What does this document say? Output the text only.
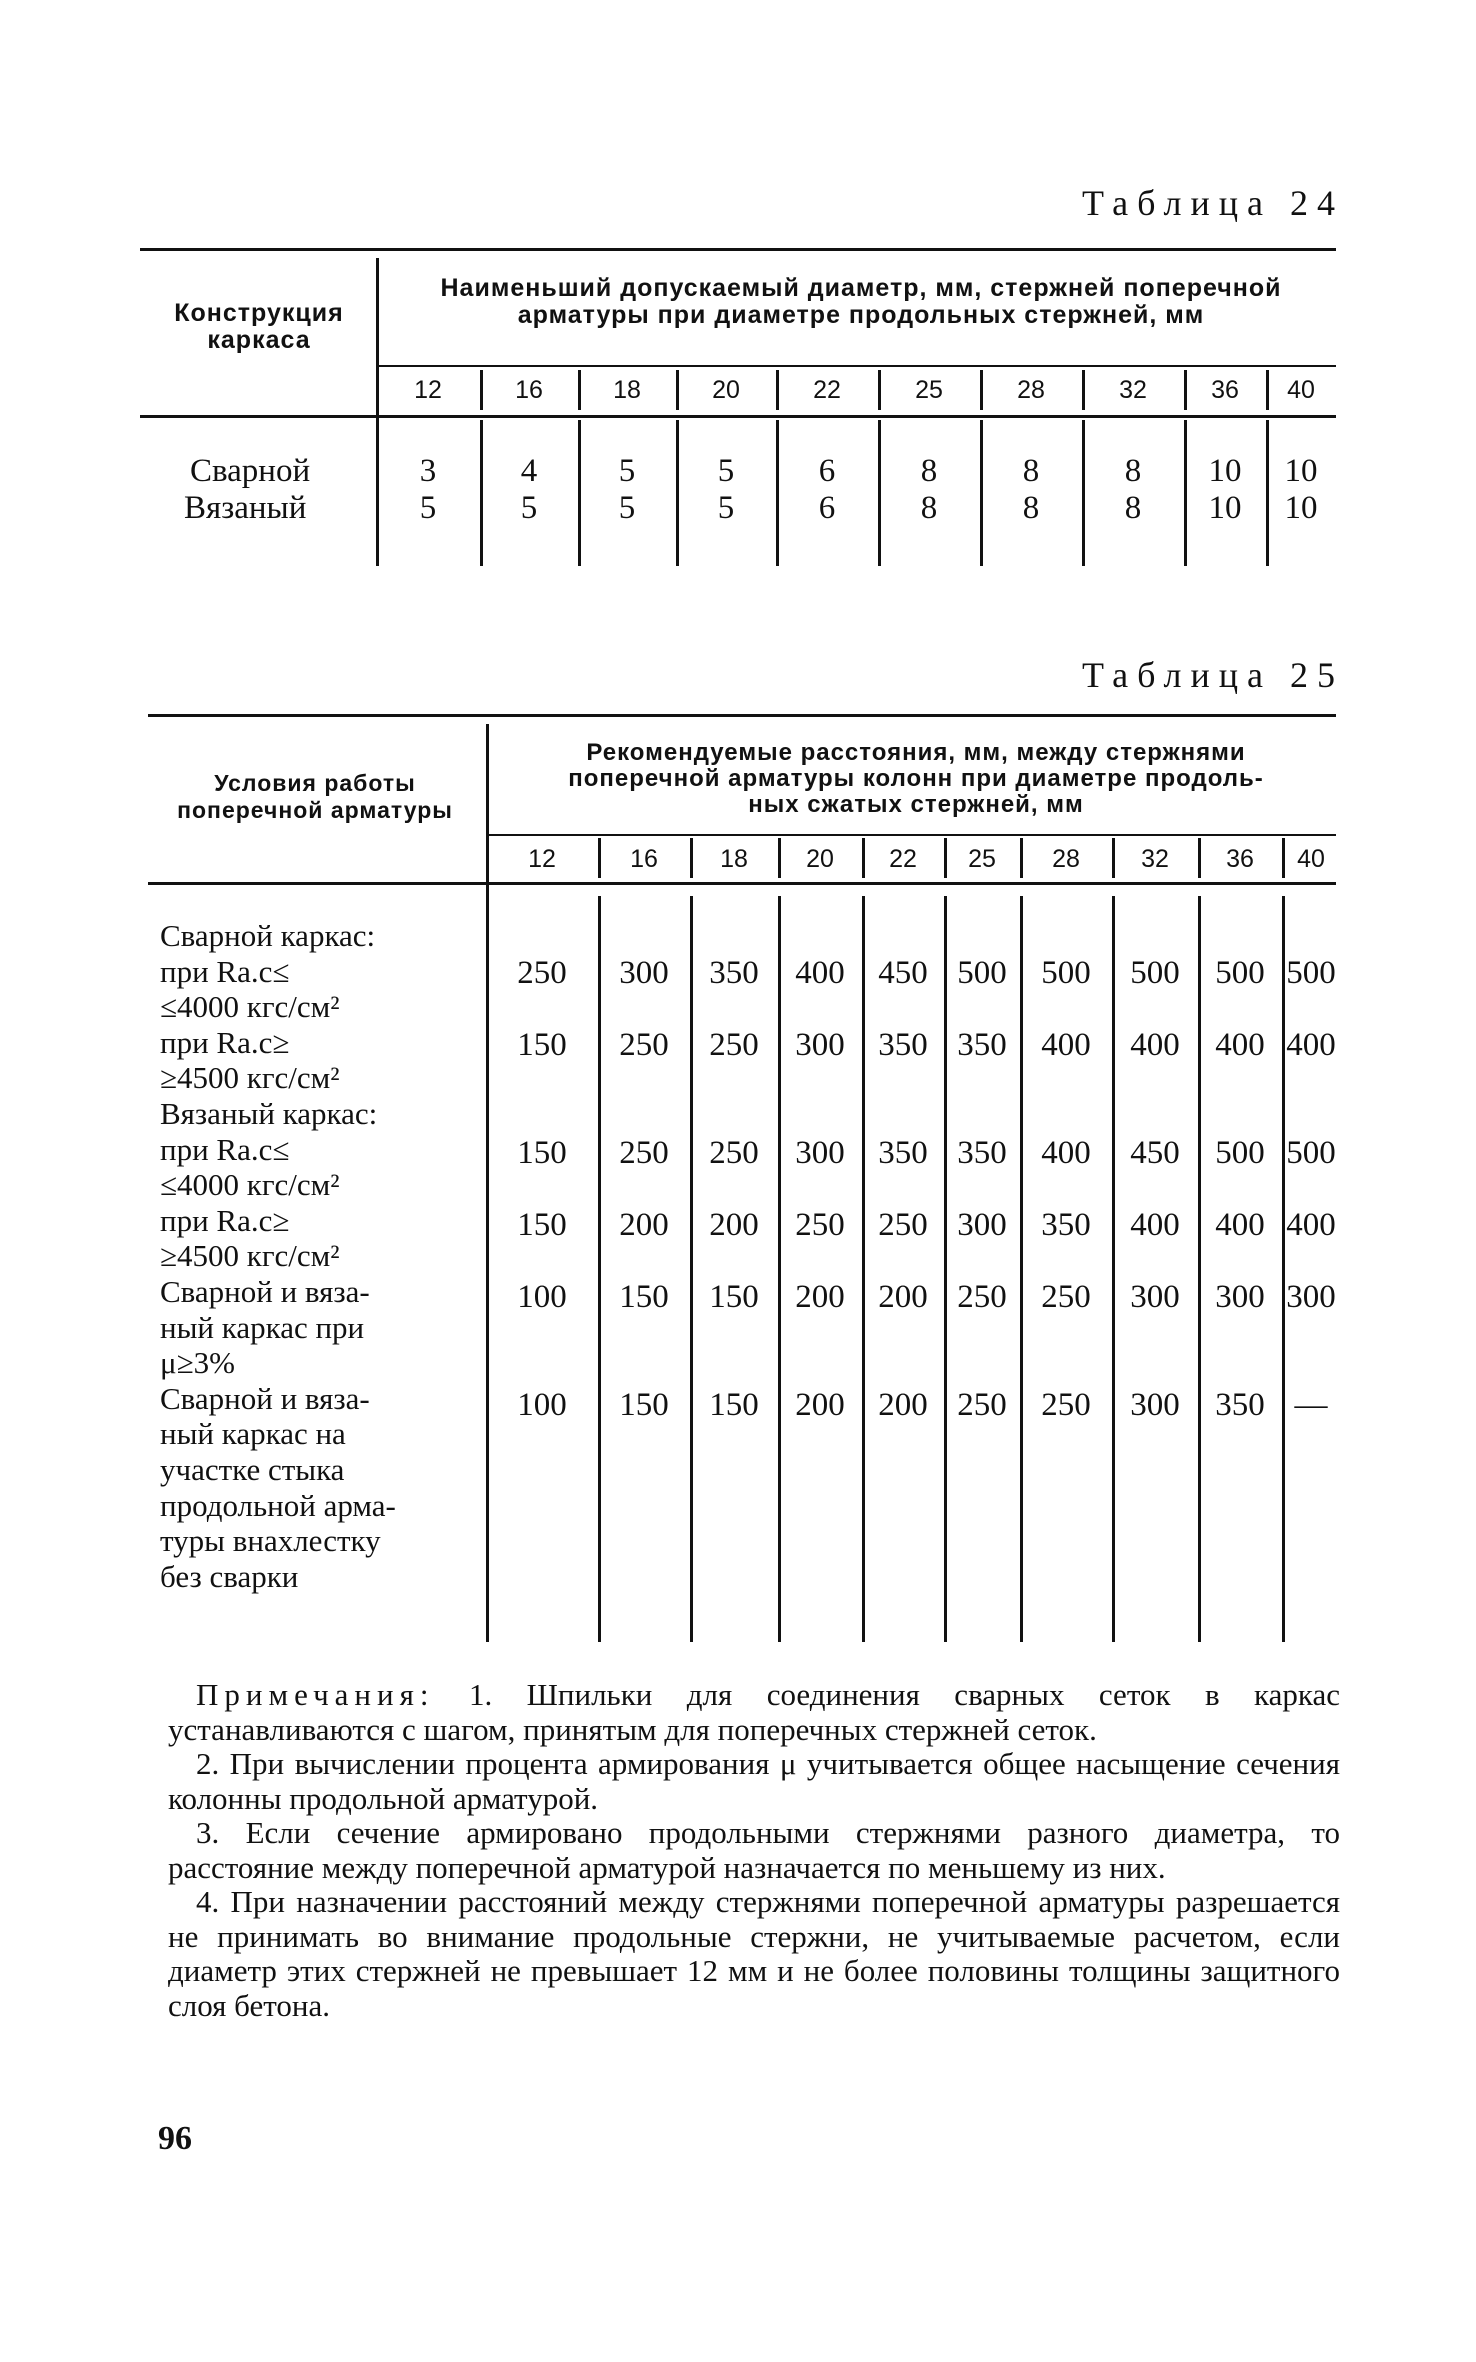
Таблица 24
Конструкция
каркаса
Наименьший допускаемый диаметр, мм, стержней поперечной
арматуры при диаметре продольных стержней, мм
12
3
5
16
4
5
18
5
5
20
5
5
22
6
6
25
8
8
28
8
8
32
8
8
36
10
10
40
10
10
Сварной
Вязаный
Таблица 25
Условия работы
поперечной арматуры
Рекомендуемые расстояния, мм, между стержнями
поперечной арматуры колонн при диаметре продоль-
ных сжатых стержней, мм
12
250
150
150
150
100
100
16
300
250
250
200
150
150
18
350
250
250
200
150
150
20
400
300
300
250
200
200
22
450
350
350
250
200
200
25
500
350
350
300
250
250
28
500
400
400
350
250
250
32
500
400
450
400
300
300
36
500
400
500
400
300
350
40
500
400
500
400
300
—
Сварной каркас:
при Rа.с≤
≤4000 кгс/см²
при Rа.с≥
≥4500 кгс/см²
Вязаный каркас:
при Rа.с≤
≤4000 кгс/см²
при Rа.с≥
≥4500 кгс/см²
Сварной и вяза-
ный каркас при
μ≥3%
Сварной и вяза-
ный каркас на
участке стыка
продольной арма-
туры внахлестку
без сварки

Примечания: 1. Шпильки для соединения сварных сеток в каркас устанавливаются с шагом, принятым для поперечных стержней сеток.

2. При вычислении процента армирования μ учитывается общее насыщение сечения колонны продольной арматурой.

3. Если сечение армировано продольными стержнями разного диаметра, то расстояние между поперечной арматурой назначается по меньшему из них.

4. При назначении расстояний между стержнями поперечной арматуры разрешается не принимать во внимание продольные стержни, не учитываемые расчетом, если диаметр этих стержней не превышает 12 мм и не более половины толщины защитного слоя бетона.

96
